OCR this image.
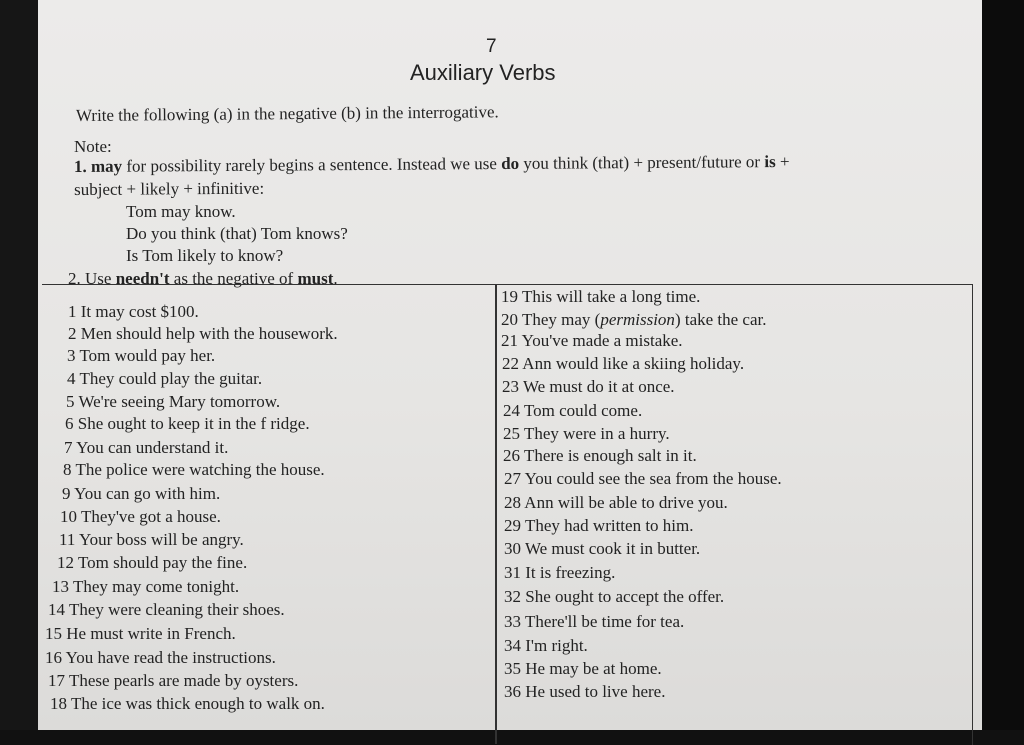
7
Auxiliary Verbs
Write the following (a) in the negative (b) in the interrogative.
Note:
1. may for possibility rarely begins a sentence. Instead we use do you think (that) + present/future or is +
subject + likely + infinitive:
Tom may know.
Do you think (that) Tom knows?
Is Tom likely to know?
2. Use needn't as the negative of must.
1 It may cost $100.
2 Men should help with the housework.
3 Tom would pay her.
4 They could play the guitar.
5 We're seeing Mary tomorrow.
6 She ought to keep it in the f ridge.
7 You can understand it.
8 The police were watching the house.
9 You can go with him.
10 They've got a house.
11 Your boss will be angry.
12 Tom should pay the fine.
13 They may come tonight.
14 They were cleaning their shoes.
15 He must write in French.
16 You have read the instructions.
17 These pearls are made by oysters.
18 The ice was thick enough to walk on.
19 This will take a long time.
20 They may (permission) take the car.
21 You've made a mistake.
22 Ann would like a skiing holiday.
23 We must do it at once.
24 Tom could come.
25 They were in a hurry.
26 There is enough salt in it.
27 You could see the sea from the house.
28 Ann will be able to drive you.
29 They had written to him.
30 We must cook it in butter.
31 It is freezing.
32 She ought to accept the offer.
33 There'll be time for tea.
34 I'm right.
35 He may be at home.
36 He used to live here.
